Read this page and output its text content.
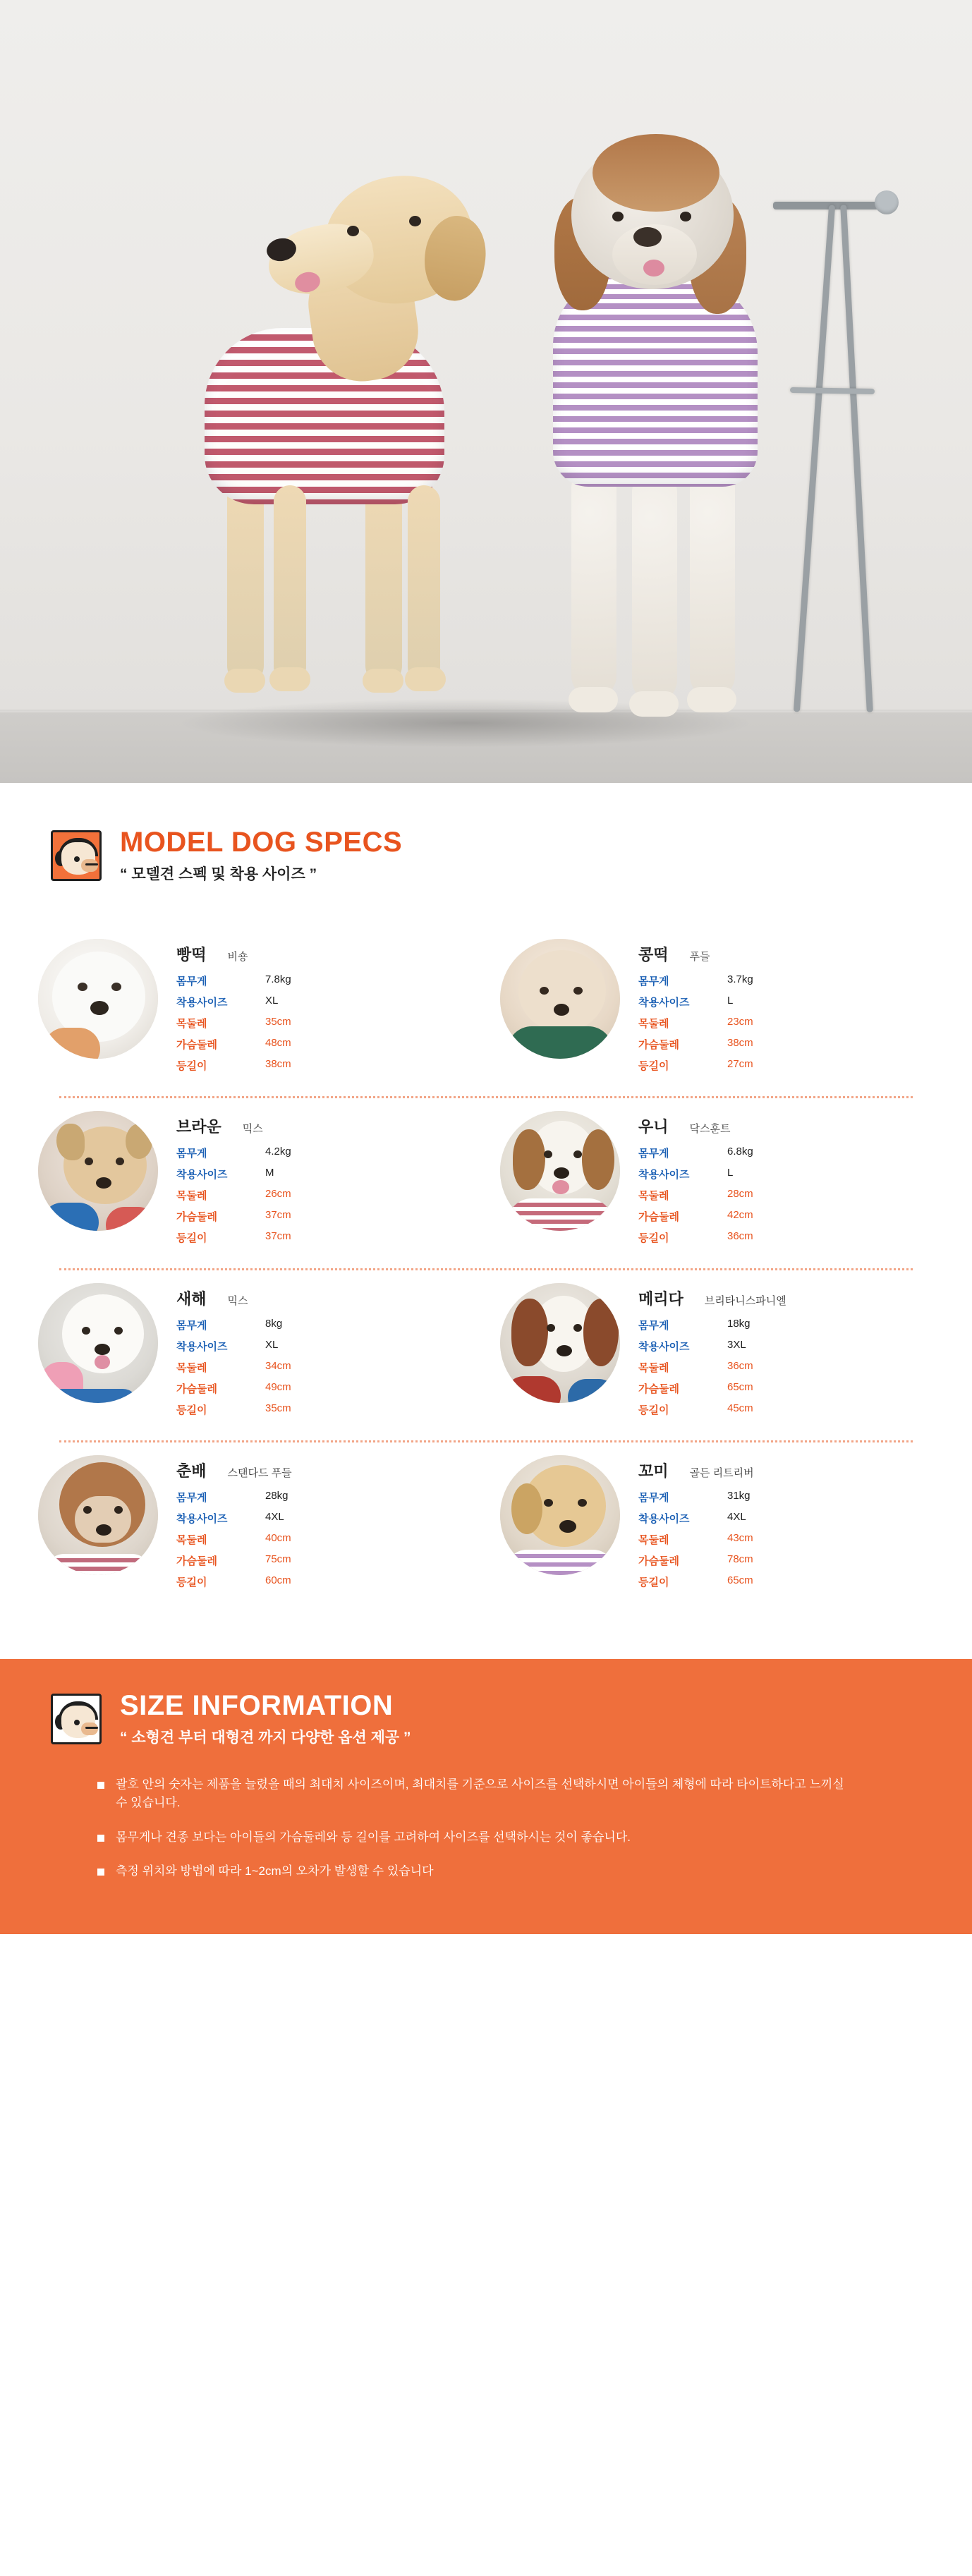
MODEL DOG SPECS
“ 모델견 스펙 및 착용 사이즈 ”
빵떡 비숑
몸무게	7.8kg
착용사이즈	XL
목둘레	35cm
가슴둘레	48cm
등길이	38cm
콩떡 푸들
몸무게	3.7kg
착용사이즈	L
목둘레	23cm
가슴둘레	38cm
등길이	27cm
브라운 믹스
몸무게	4.2kg
착용사이즈	M
목둘레	26cm
가슴둘레	37cm
등길이	37cm
우니 닥스훈트
몸무게	6.8kg
착용사이즈	L
목둘레	28cm
가슴둘레	42cm
등길이	36cm
새해 믹스
몸무게	8kg
착용사이즈	XL
목둘레	34cm
가슴둘레	49cm
등길이	35cm
메리다 브리타니스파니엘
몸무게	18kg
착용사이즈	3XL
목둘레	36cm
가슴둘레	65cm
등길이	45cm
춘배 스탠다드 푸들
몸무게	28kg
착용사이즈	4XL
목둘레	40cm
가슴둘레	75cm
등길이	60cm
꼬미 골든 리트리버
몸무게	31kg
착용사이즈	4XL
목둘레	43cm
가슴둘레	78cm
등길이	65cm
SIZE INFORMATION
“ 소형견 부터 대형견 까지 다양한 옵션 제공 ”
괄호 안의 숫자는 제품을 늘렸을 때의 최대치 사이즈이며, 최대치를 기준으로 사이즈를 선택하시면 아이들의 체형에 따라 타이트하다고 느끼실 수 있습니다.
몸무게나 견종 보다는 아이들의 가슴둘레와 등 길이를 고려하여 사이즈를 선택하시는 것이 좋습니다.
측정 위치와 방법에 따라 1~2cm의 오차가 발생할 수 있습니다
